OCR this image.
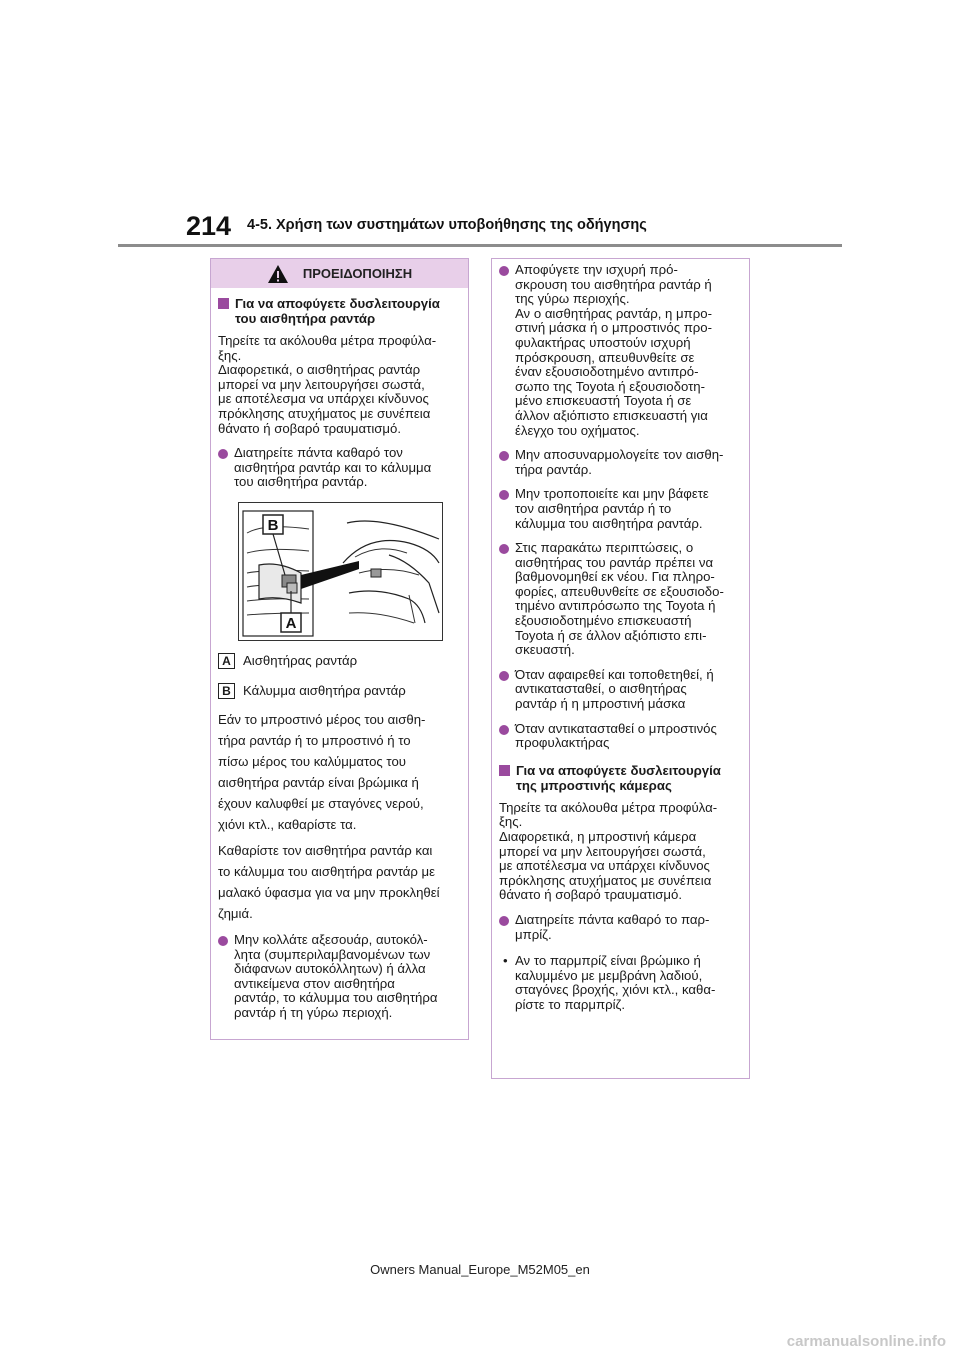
214 4-5. Χρήση των συστημάτων υποβοήθησης της οδήγησης
ΠΡΟΕΙΔΟΠΟΙΗΣΗ
Για να αποφύγετε δυσλειτουργία του αισθητήρα ραντάρ
Τηρείτε τα ακόλουθα μέτρα προφύλα-
ξης.
Διαφορετικά, ο αισθητήρας ραντάρ
μπορεί να μην λειτουργήσει σωστά,
με αποτέλεσμα να υπάρχει κίνδυνος
πρόκλησης ατυχήματος με συνέπεια
θάνατο ή σοβαρό τραυματισμό.
Διατηρείτε πάντα καθαρό τον
αισθητήρα ραντάρ και το κάλυμμα
του αισθητήρα ραντάρ.
B
A
A Αισθητήρας ραντάρ
B Κάλυμμα αισθητήρα ραντάρ
Εάν το μπροστινό μέρος του αισθη-
τήρα ραντάρ ή το μπροστινό ή το
πίσω μέρος του καλύμματος του
αισθητήρα ραντάρ είναι βρώμικα ή
έχουν καλυφθεί με σταγόνες νερού,
χιόνι κτλ., καθαρίστε τα.
Καθαρίστε τον αισθητήρα ραντάρ και
το κάλυμμα του αισθητήρα ραντάρ με
μαλακό ύφασμα για να μην προκληθεί
ζημιά.
Μην κολλάτε αξεσουάρ, αυτοκόλ-
λητα (συμπεριλαμβανομένων των
διάφανων αυτοκόλλητων) ή άλλα
αντικείμενα στον αισθητήρα
ραντάρ, το κάλυμμα του αισθητήρα
ραντάρ ή τη γύρω περιοχή.
Αποφύγετε την ισχυρή πρό-
σκρουση του αισθητήρα ραντάρ ή
της γύρω περιοχής.
Αν ο αισθητήρας ραντάρ, η μπρο-
στινή μάσκα ή ο μπροστινός προ-
φυλακτήρας υποστούν ισχυρή
πρόσκρουση, απευθυνθείτε σε
έναν εξουσιοδοτημένο αντιπρό-
σωπο της Toyota ή εξουσιοδοτη-
μένο επισκευαστή Toyota ή σε
άλλον αξιόπιστο επισκευαστή για
έλεγχο του οχήματος.
Μην αποσυναρμολογείτε τον αισθη-
τήρα ραντάρ.
Μην τροποποιείτε και μην βάφετε
τον αισθητήρα ραντάρ ή το
κάλυμμα του αισθητήρα ραντάρ.
Στις παρακάτω περιπτώσεις, ο
αισθητήρας του ραντάρ πρέπει να
βαθμονομηθεί εκ νέου. Για πληρο-
φορίες, απευθυνθείτε σε εξουσιοδο-
τημένο αντιπρόσωπο της Toyota ή
εξουσιοδοτημένο επισκευαστή
Toyota ή σε άλλον αξιόπιστο επι-
σκευαστή.
Όταν αφαιρεθεί και τοποθετηθεί, ή
αντικατασταθεί, ο αισθητήρας
ραντάρ ή η μπροστινή μάσκα
Όταν αντικατασταθεί ο μπροστινός
προφυλακτήρας
Για να αποφύγετε δυσλειτουργία της μπροστινής κάμερας
Τηρείτε τα ακόλουθα μέτρα προφύλα-
ξης.
Διαφορετικά, η μπροστινή κάμερα
μπορεί να μην λειτουργήσει σωστά,
με αποτέλεσμα να υπάρχει κίνδυνος
πρόκλησης ατυχήματος με συνέπεια
θάνατο ή σοβαρό τραυματισμό.
Διατηρείτε πάντα καθαρό το παρ-
μπρίζ.
• Αν το παρμπρίζ είναι βρώμικο ή
καλυμμένο με μεμβράνη λαδιού,
σταγόνες βροχής, χιόνι κτλ., καθα-
ρίστε το παρμπρίζ.
Owners Manual_Europe_M52M05_en
carmanualsonline.info
